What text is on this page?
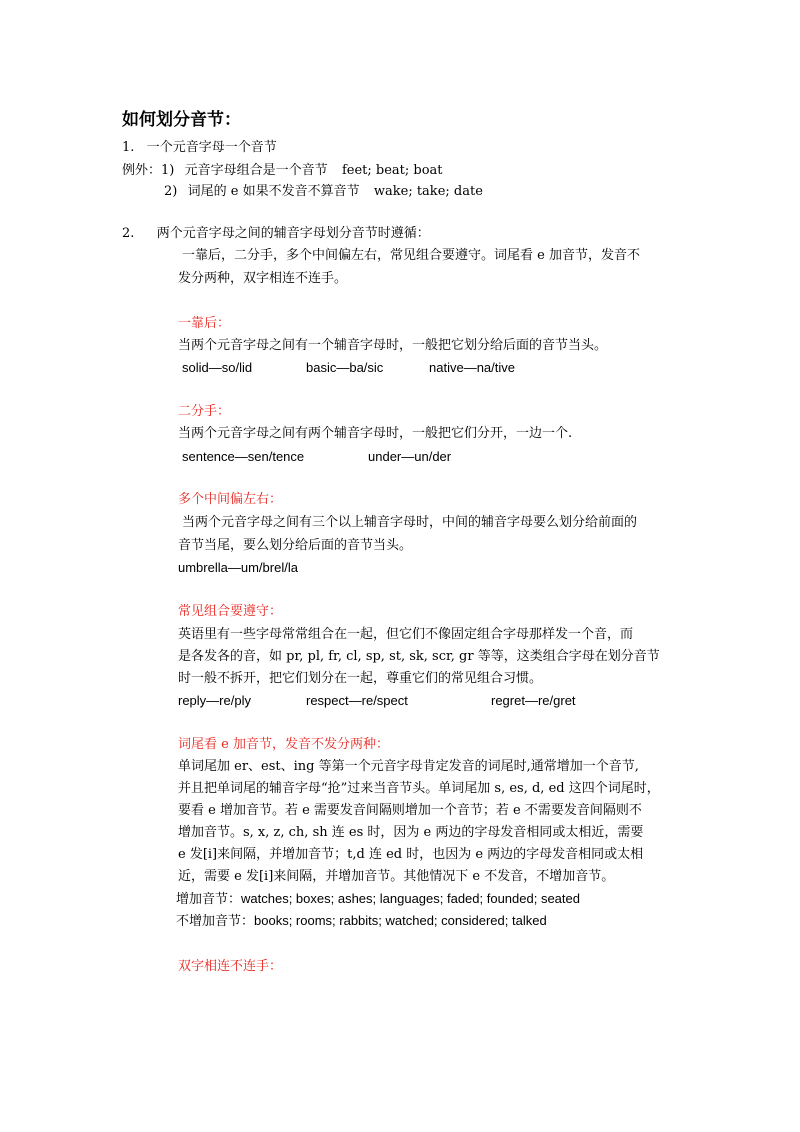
如何划分音节：
1. 一个元音字母一个音节
例外：1) 元音字母组合是一个音节 feet; beat; boat
2) 词尾的 e 如果不发音不算音节 wake; take; date
2. 两个元音字母之间的辅音字母划分音节时遵循：
一靠后，二分手，多个中间偏左右，常见组合要遵守。词尾看 e 加音节，发音不
发分两种，双字相连不连手。
一靠后：
当两个元音字母之间有一个辅音字母时，一般把它划分给后面的音节当头。
solid—so/lid	basic—ba/sic	native—na/tive
二分手：
当两个元音字母之间有两个辅音字母时，一般把它们分开，一边一个.
sentence—sen/tence	under—un/der
多个中间偏左右：
当两个元音字母之间有三个以上辅音字母时，中间的辅音字母要么划分给前面的
音节当尾，要么划分给后面的音节当头。
umbrella—um/brel/la
常见组合要遵守：
英语里有一些字母常常组合在一起，但它们不像固定组合字母那样发一个音，而
是各发各的音，如 pr, pl, fr, cl, sp, st, sk, scr, gr 等等，这类组合字母在划分音节
时一般不拆开，把它们划分在一起，尊重它们的常见组合习惯。
reply—re/ply	respect—re/spect	regret—re/gret
词尾看 e 加音节，发音不发分两种：
单词尾加 er、est、ing 等第一个元音字母肯定发音的词尾时,通常增加一个音节,
并且把单词尾的辅音字母“抢”过来当音节头。单词尾加 s, es, d, ed 这四个词尾时，
要看 e 增加音节。若 e 需要发音间隔则增加一个音节；若 e 不需要发音间隔则不
增加音节。s, x, z, ch, sh 连 es 时，因为 e 两边的字母发音相同或太相近，需要
e 发[i]来间隔，并增加音节；t,d 连 ed 时，也因为 e 两边的字母发音相同或太相
近，需要 e 发[i]来间隔，并增加音节。其他情况下 e 不发音，不增加音节。
增加音节：watches; boxes; ashes; languages; faded; founded; seated
不增加音节：books; rooms; rabbits; watched; considered; talked
双字相连不连手：
